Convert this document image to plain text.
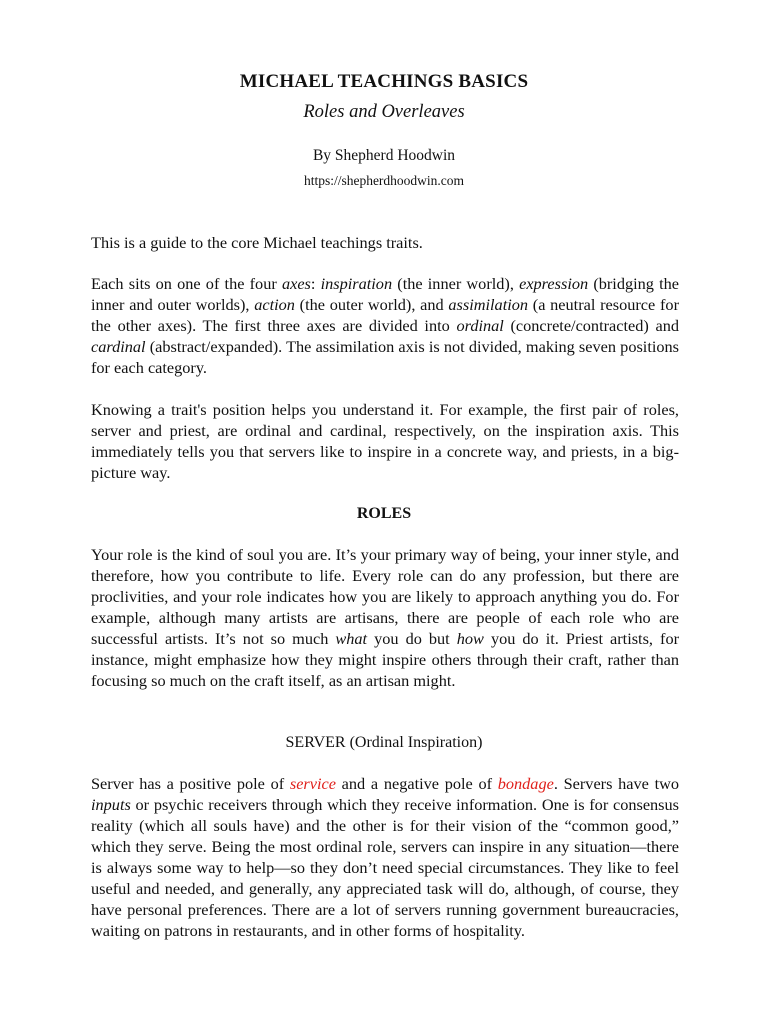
MICHAEL TEACHINGS BASICS
Roles and Overleaves
By Shepherd Hoodwin
https://shepherdhoodwin.com

This is a guide to the core Michael teachings traits.

Each sits on one of the four axes: inspiration (the inner world), expression (bridging the inner and outer worlds), action (the outer world), and assimilation (a neutral resource for the other axes). The first three axes are divided into ordinal (concrete/contracted) and cardinal (abstract/expanded). The assimilation axis is not divided, making seven positions for each category.

Knowing a trait's position helps you understand it. For example, the first pair of roles, server and priest, are ordinal and cardinal, respectively, on the inspiration axis. This immediately tells you that servers like to inspire in a concrete way, and priests, in a big-picture way.

ROLES

Your role is the kind of soul you are. It’s your primary way of being, your inner style, and therefore, how you contribute to life. Every role can do any profession, but there are proclivities, and your role indicates how you are likely to approach anything you do. For example, although many artists are artisans, there are people of each role who are successful artists. It’s not so much what you do but how you do it. Priest artists, for instance, might emphasize how they might inspire others through their craft, rather than focusing so much on the craft itself, as an artisan might.

SERVER (Ordinal Inspiration)

Server has a positive pole of service and a negative pole of bondage. Servers have two inputs or psychic receivers through which they receive information. One is for consensus reality (which all souls have) and the other is for their vision of the “common good,” which they serve. Being the most ordinal role, servers can inspire in any situation—there is always some way to help—so they don’t need special circumstances. They like to feel useful and needed, and generally, any appreciated task will do, although, of course, they have personal preferences. There are a lot of servers running government bureaucracies, waiting on patrons in restaurants, and in other forms of hospitality.
